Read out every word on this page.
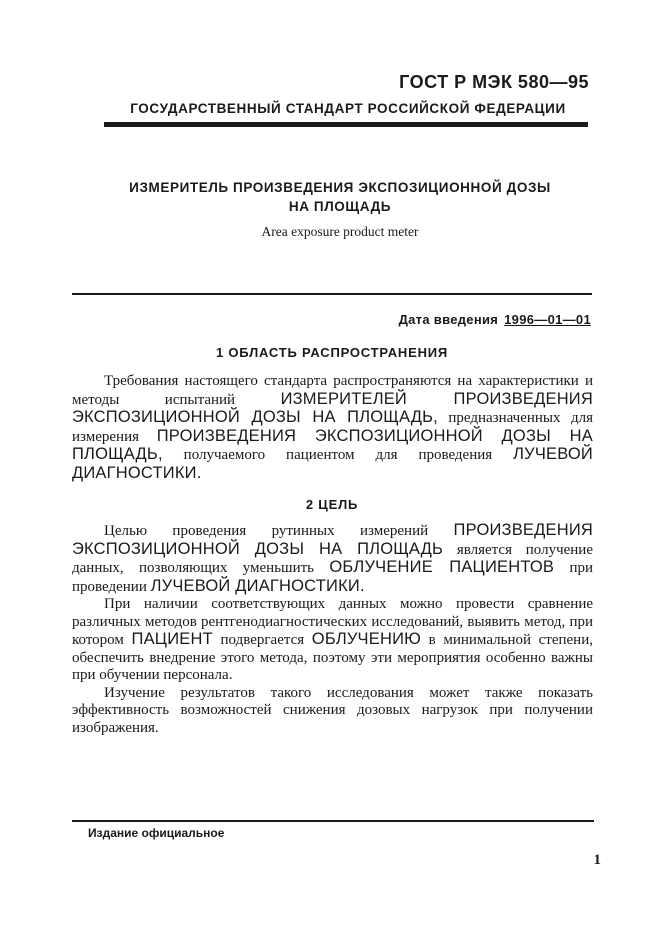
ГОСТ Р МЭК 580—95
ГОСУДАРСТВЕННЫЙ СТАНДАРТ РОССИЙСКОЙ ФЕДЕРАЦИИ
ИЗМЕРИТЕЛЬ ПРОИЗВЕДЕНИЯ ЭКСПОЗИЦИОННОЙ ДОЗЫ
НА ПЛОЩАДЬ
Area exposure product meter
Дата введения 1996—01—01
1 ОБЛАСТЬ РАСПРОСТРАНЕНИЯ

Требования настоящего стандарта распространяются на характеристики и методы испытаний ИЗМЕРИТЕЛЕЙ ПРОИЗВЕДЕНИЯ ЭКСПОЗИЦИОННОЙ ДОЗЫ НА ПЛОЩАДЬ, предназначенных для измерения ПРОИЗВЕДЕНИЯ ЭКСПОЗИЦИОННОЙ ДОЗЫ НА ПЛОЩАДЬ, получаемого пациентом для проведения ЛУЧЕВОЙ ДИАГНОСТИКИ.

2 ЦЕЛЬ

Целью проведения рутинных измерений ПРОИЗВЕДЕНИЯ ЭКСПОЗИЦИОННОЙ ДОЗЫ НА ПЛОЩАДЬ является получение данных, позволяющих уменьшить ОБЛУЧЕНИЕ ПАЦИЕНТОВ при проведении ЛУЧЕВОЙ ДИАГНОСТИКИ.

При наличии соответствующих данных можно провести сравнение различных методов рентгенодиагностических исследований, выявить метод, при котором ПАЦИЕНТ подвергается ОБЛУЧЕНИЮ в минимальной степени, обеспечить внедрение этого метода, поэтому эти мероприятия особенно важны при обучении персонала.

Изучение результатов такого исследования может также показать эффективность возможностей снижения дозовых нагрузок при получении изображения.

Издание официальное
1
